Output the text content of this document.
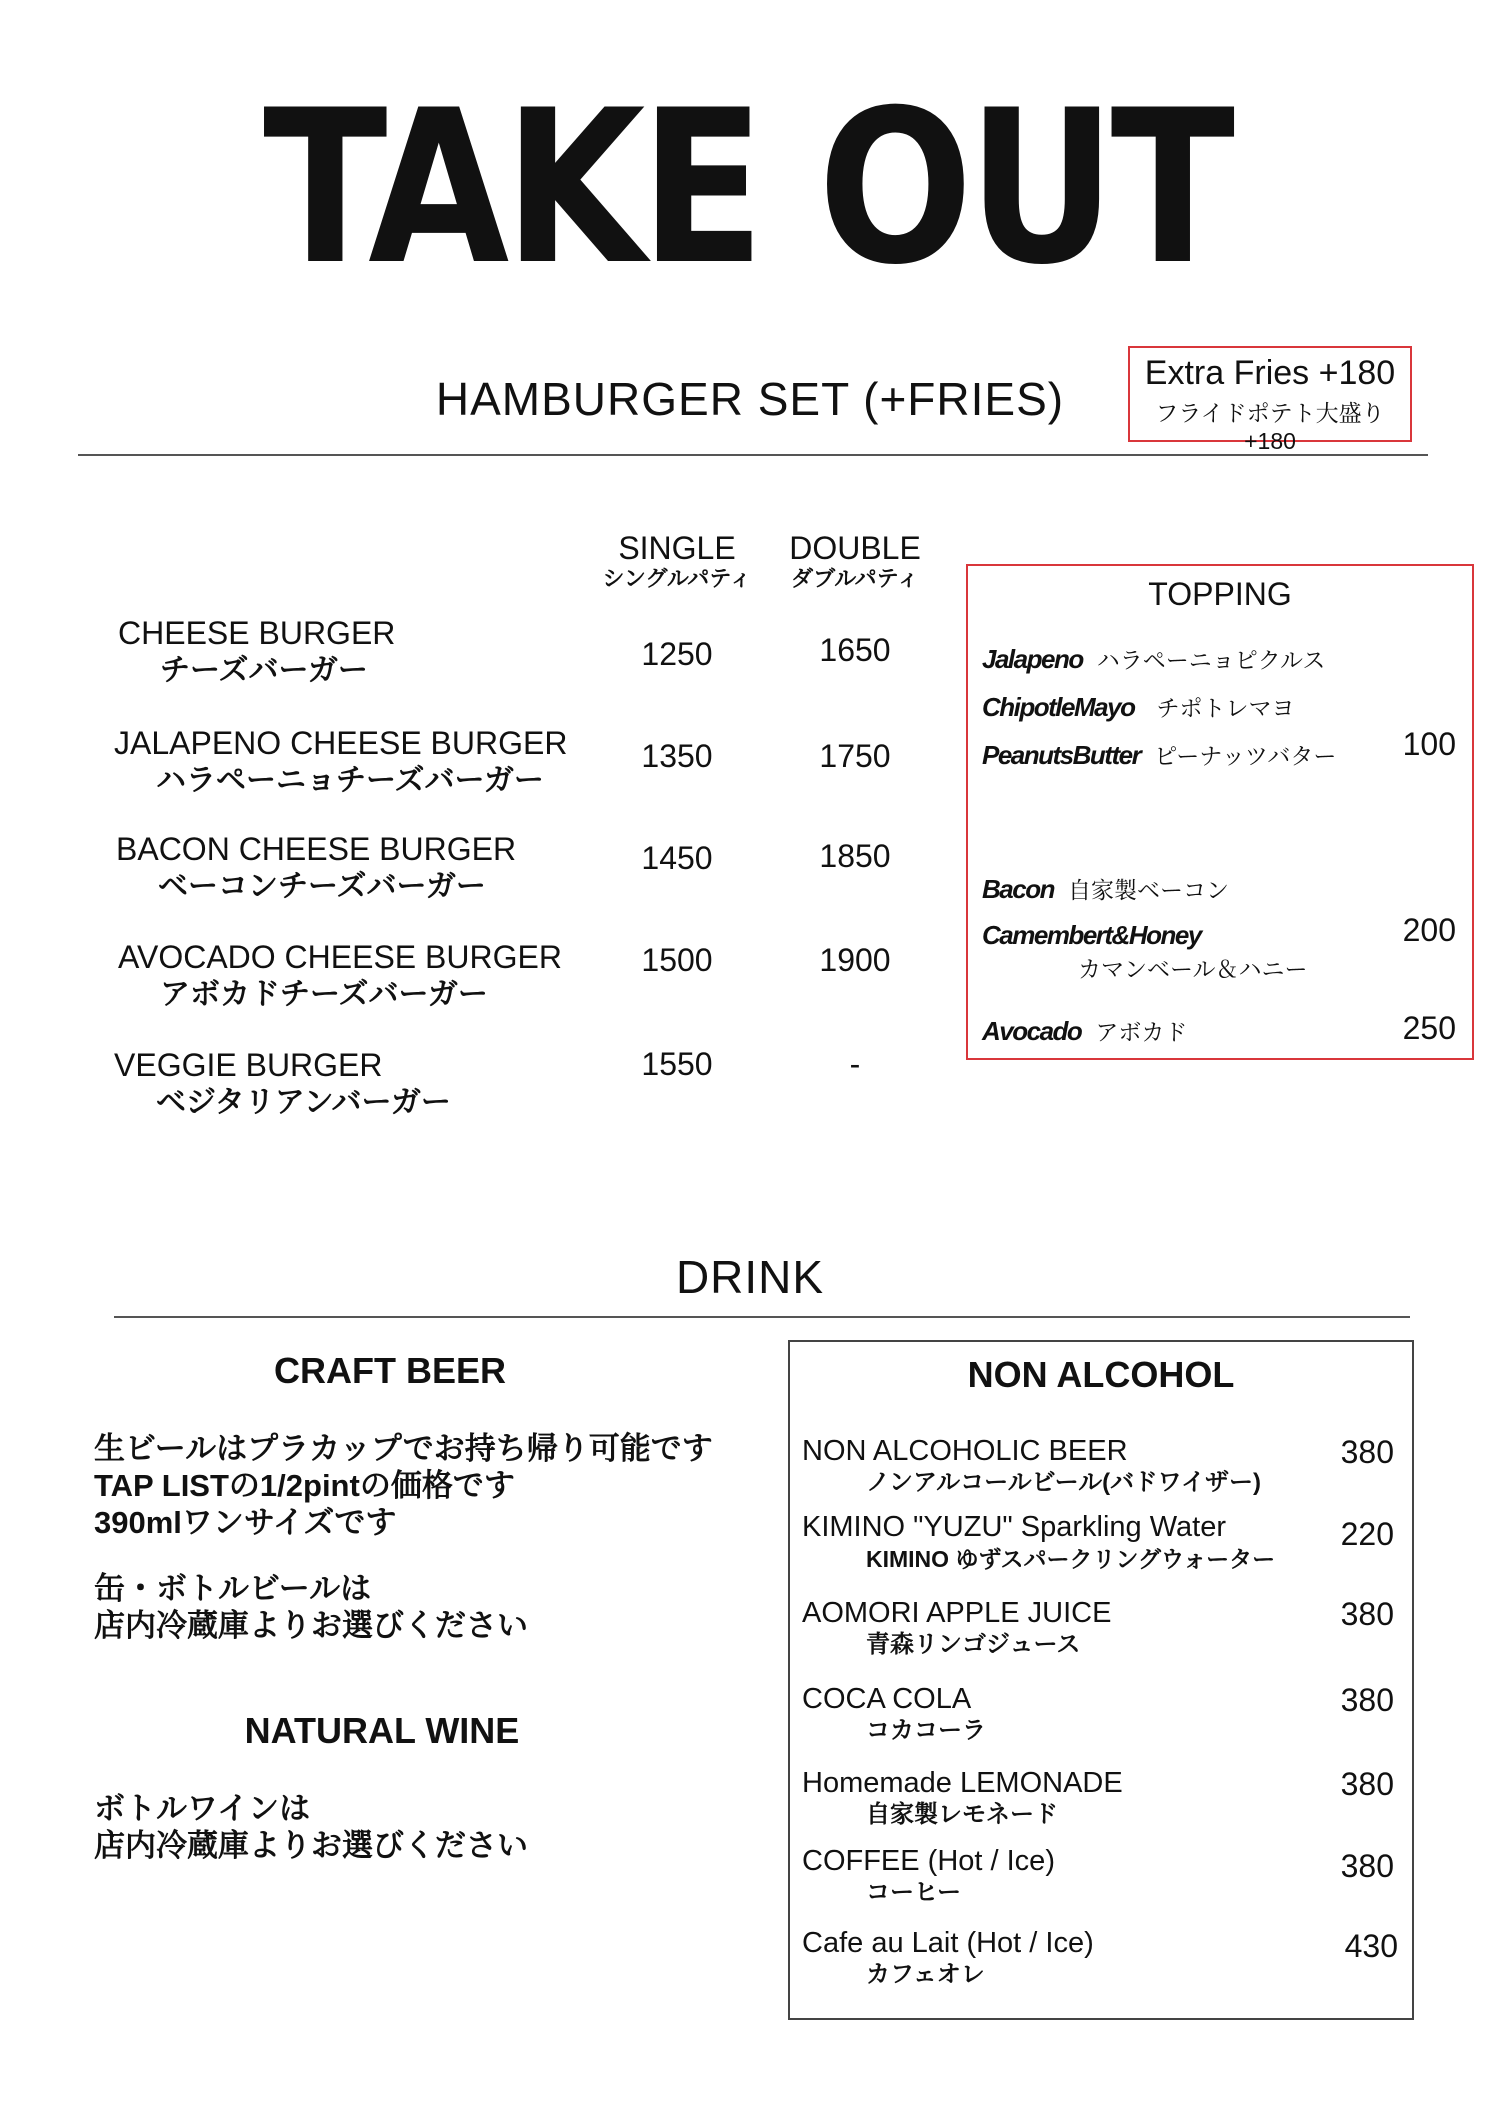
TAKE OUT
HAMBURGER SET (+FRIES)	Extra Fries +180
フライドポテト大盛り +180
SINGLE
シングルパティ
DOUBLE
ダブルパティ
CHEESE BURGER
チーズバーガー	1250	1650
JALAPENO CHEESE BURGER
ハラペーニョチーズバーガー
1350	1750
BACON CHEESE BURGER
ベーコンチーズバーガー
1450	1850
AVOCADO CHEESE BURGER
アボカドチーズバーガー
1500	1900
VEGGIE BURGER
ベジタリアンバーガー
1550	-
TOPPING
Jalapeno ハラペーニョピクルス
ChipotleMayo チポトレマヨ
PeanutsButter ピーナッツバター 100
Bacon 自家製ベーコン
Camembert&Honey
カマンベール＆ハニー
200
Avocado アボカド	250
DRINK
CRAFT BEER
生ビールはプラカップでお持ち帰り可能です
TAP LISTの1/2pintの価格です
390mlワンサイズです
缶・ボトルビールは
店内冷蔵庫よりお選びください
NATURAL WINE
ボトルワインは
店内冷蔵庫よりお選びください
NON ALCOHOL
NON ALCOHOLIC BEER
ノンアルコールビール(バドワイザー)
380
KIMINO "YUZU" Sparkling Water
KIMINO ゆずスパークリングウォーター
220
AOMORI APPLE JUICE
青森リンゴジュース
380
COCA COLA
コカコーラ
380
Homemade LEMONADE
自家製レモネード
380
COFFEE (Hot / Ice)
コーヒー
380
Cafe au Lait (Hot / Ice)
カフェオレ
430
